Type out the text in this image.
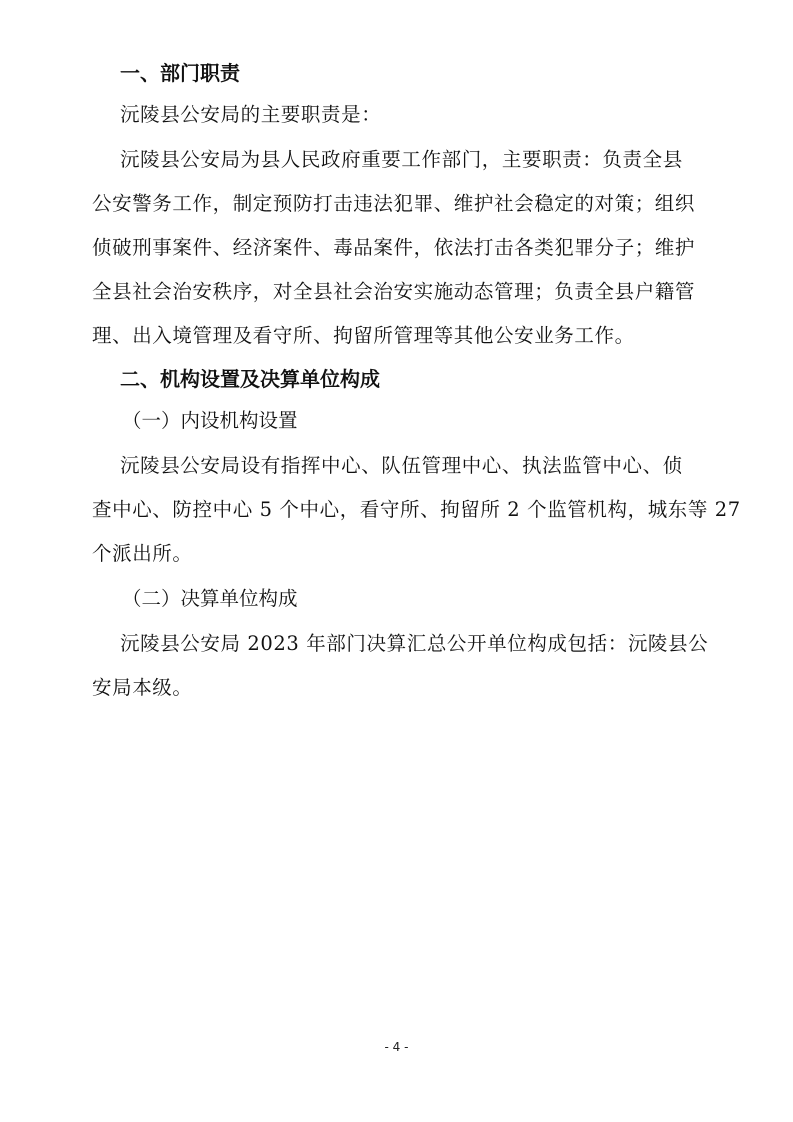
一、部门职责

沅陵县公安局的主要职责是：

沅陵县公安局为县人民政府重要工作部门，主要职责：负责全县

公安警务工作，制定预防打击违法犯罪、维护社会稳定的对策；组织

侦破刑事案件、经济案件、毒品案件，依法打击各类犯罪分子；维护

全县社会治安秩序，对全县社会治安实施动态管理；负责全县户籍管

理、出入境管理及看守所、拘留所管理等其他公安业务工作。

二、机构设置及决算单位构成

（一）内设机构设置

沅陵县公安局设有指挥中心、队伍管理中心、执法监管中心、侦

查中心、防控中心 5 个中心，看守所、拘留所 2 个监管机构，城东等 27

个派出所。

（二）决算单位构成

沅陵县公安局 2023 年部门决算汇总公开单位构成包括：沅陵县公

安局本级。

- 4 -
